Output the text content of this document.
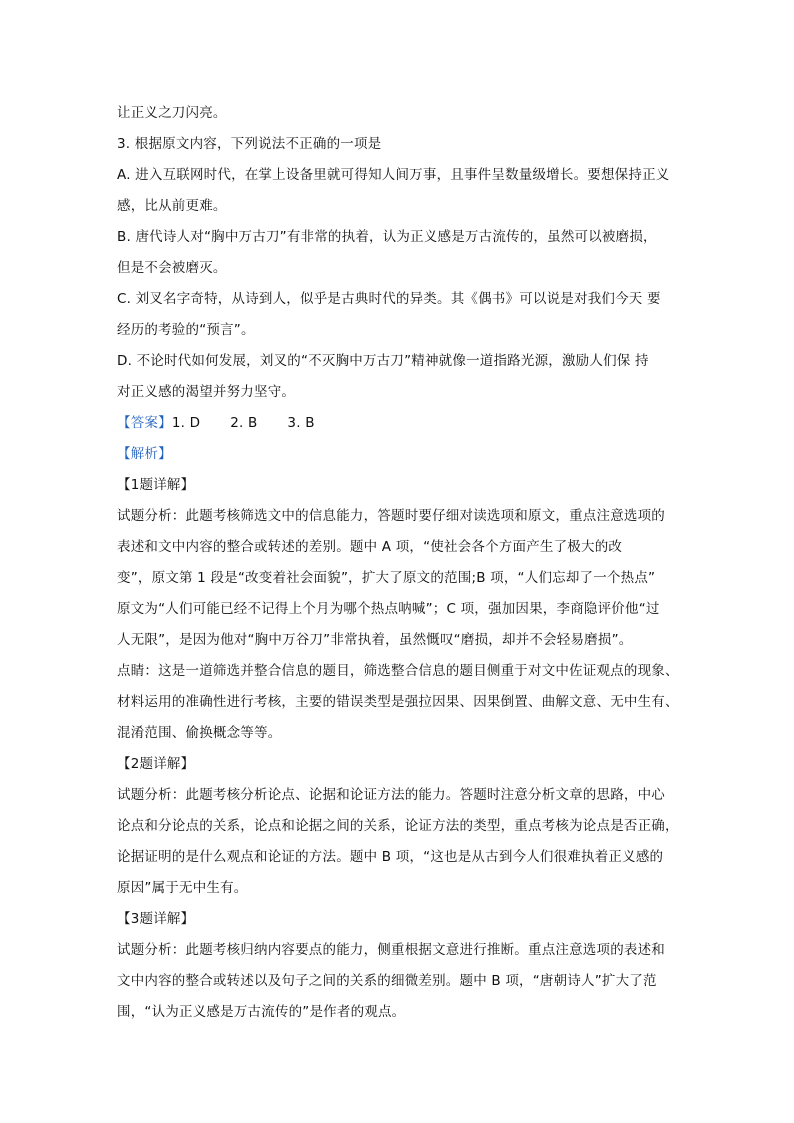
让正义之刀闪亮。
3. 根据原文内容，下列说法不正确的一项是
A. 进入互联网时代，在掌上设备里就可得知人间万事，且事件呈数量级增长。要想保持正义
感，比从前更难。
B. 唐代诗人对“胸中万古刀”有非常的执着，认为正义感是万古流传的，虽然可以被磨损，
但是不会被磨灭。
C. 刘叉名字奇特，从诗到人，似乎是古典时代的异类。其《偶书》可以说是对我们今天 要
经历的考验的“预言”。
D. 不论时代如何发展，刘叉的“不灭胸中万古刀”精神就像一道指路光源，激励人们保 持
对正义感的渴望并努力坚守。
【答案】1. D 2. B 3. B
【解析】
【1题详解】
试题分析：此题考核筛选文中的信息能力，答题时要仔细对读选项和原文，重点注意选项的
表述和文中内容的整合或转述的差别。题中 A 项，“使社会各个方面产生了极大的改
变”，原文第 1 段是“改变着社会面貌”，扩大了原文的范围;B 项，“人们忘却了一个热点”
原文为“人们可能已经不记得上个月为哪个热点呐喊”；C 项，强加因果，李商隐评价他“过
人无限”，是因为他对“胸中万谷刀”非常执着，虽然慨叹“磨损，却并不会轻易磨损”。
点睛：这是一道筛选并整合信息的题目，筛选整合信息的题目侧重于对文中佐证观点的现象、
材料运用的准确性进行考核，主要的错误类型是强拉因果、因果倒置、曲解文意、无中生有、
混淆范围、偷换概念等等。
【2题详解】
试题分析：此题考核分析论点、论据和论证方法的能力。答题时注意分析文章的思路，中心
论点和分论点的关系，论点和论据之间的关系，论证方法的类型，重点考核为论点是否正确，
论据证明的是什么观点和论证的方法。题中 B 项，“这也是从古到今人们很难执着正义感的
原因”属于无中生有。
【3题详解】
试题分析：此题考核归纳内容要点的能力，侧重根据文意进行推断。重点注意选项的表述和
文中内容的整合或转述以及句子之间的关系的细微差别。题中 B 项，“唐朝诗人”扩大了范
围，“认为正义感是万古流传的”是作者的观点。
